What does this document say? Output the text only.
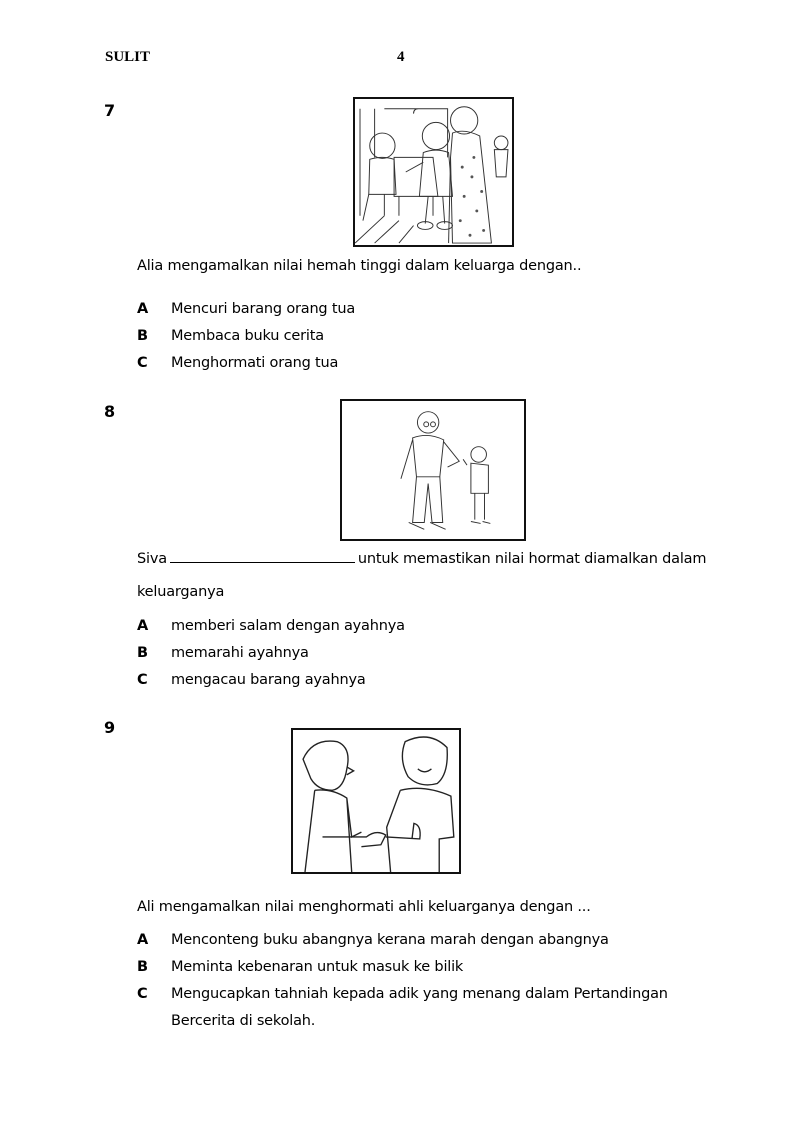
SULIT	4
7
Alia mengamalkan nilai hemah tinggi dalam keluarga dengan..
A Mencuri barang orang tua
B Membaca buku cerita
C Menghormati orang tua
8
Siva	untuk memastikan nilai hormat diamalkan dalam
keluarganya
A memberi salam dengan ayahnya
B memarahi ayahnya
C mengacau barang ayahnya
9
Ali mengamalkan nilai menghormati ahli keluarganya dengan ...
A Menconteng buku abangnya kerana marah dengan abangnya
B Meminta kebenaran untuk masuk ke bilik
C Mengucapkan tahniah kepada adik yang menang dalam Pertandingan
Bercerita di sekolah.
